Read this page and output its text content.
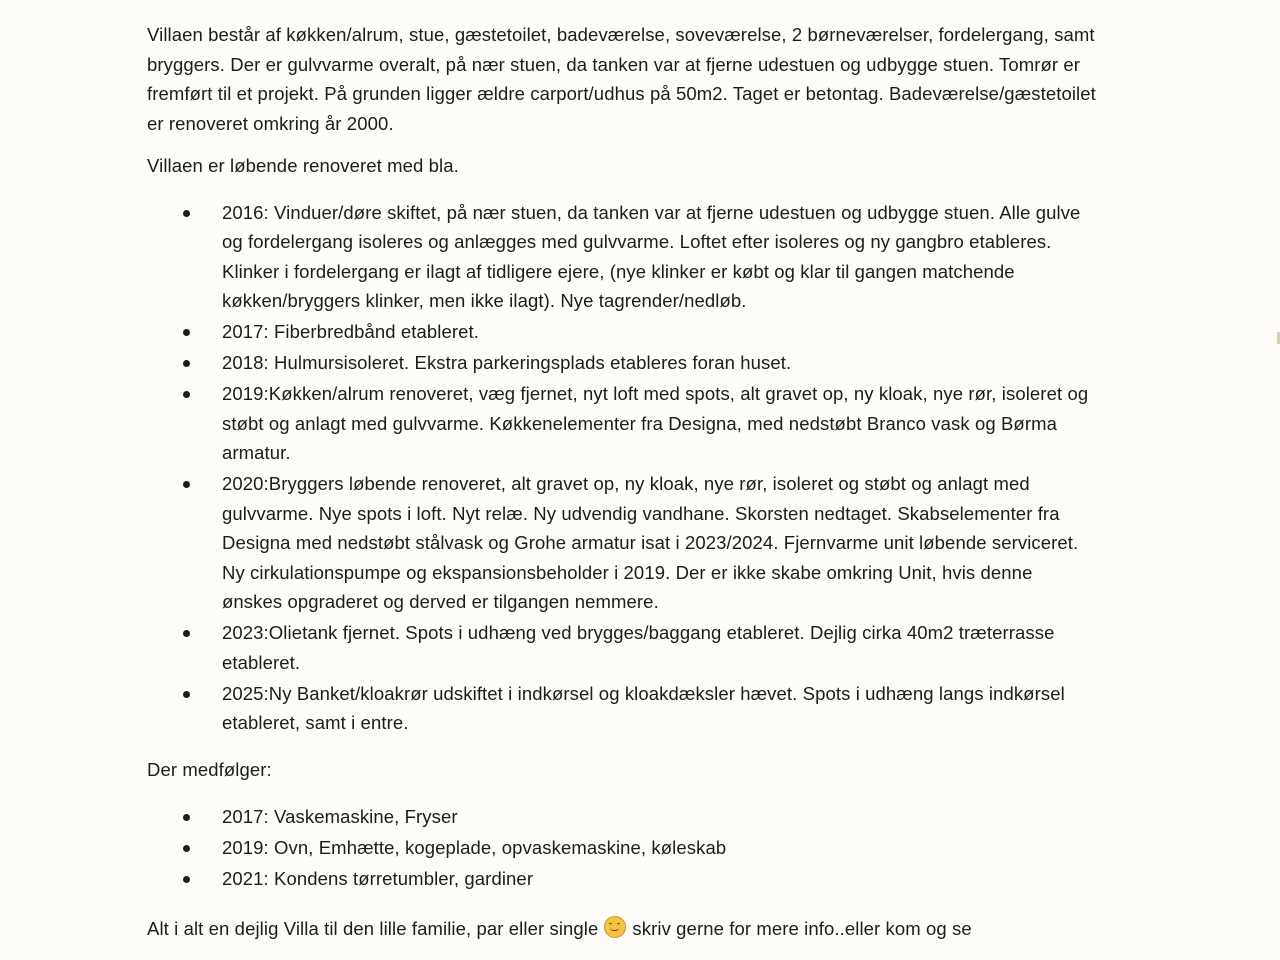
Villaen består af køkken/alrum, stue, gæstetoilet, badeværelse, soveværelse, 2 børneværelser, fordelergang, samt bryggers. Der er gulvvarme overalt, på nær stuen, da tanken var at fjerne udestuen og udbygge stuen. Tomrør er fremført til et projekt. På grunden ligger ældre carport/udhus på 50m2. Taget er betontag. Badeværelse/gæstetoilet er renoveret omkring år 2000.

Villaen er løbende renoveret med bla.

2016: Vinduer/døre skiftet, på nær stuen, da tanken var at fjerne udestuen og udbygge stuen. Alle gulve og fordelergang isoleres og anlægges med gulvvarme. Loftet efter isoleres og ny gangbro etableres. Klinker i fordelergang er ilagt af tidligere ejere, (nye klinker er købt og klar til gangen matchende køkken/bryggers klinker, men ikke ilagt). Nye tagrender/nedløb.
2017: Fiberbredbånd etableret.
2018: Hulmursisoleret. Ekstra parkeringsplads etableres foran huset.
2019:Køkken/alrum renoveret, væg fjernet, nyt loft med spots, alt gravet op, ny kloak, nye rør, isoleret og støbt og anlagt med gulvvarme. Køkkenelementer fra Designa, med nedstøbt Branco vask og Børma armatur.
2020:Bryggers løbende renoveret, alt gravet op, ny kloak, nye rør, isoleret og støbt og anlagt med gulvvarme. Nye spots i loft. Nyt relæ. Ny udvendig vandhane. Skorsten nedtaget. Skabselementer fra Designa med nedstøbt stålvask og Grohe armatur isat i 2023/2024. Fjernvarme unit løbende serviceret. Ny cirkulationspumpe og ekspansionsbeholder i 2019. Der er ikke skabe omkring Unit, hvis denne ønskes opgraderet og derved er tilgangen nemmere.
2023:Olietank fjernet. Spots i udhæng ved brygges/baggang etableret. Dejlig cirka 40m2 træterrasse etableret.
2025:Ny Banket/kloakrør udskiftet i indkørsel og kloakdæksler hævet. Spots i udhæng langs indkørsel etableret, samt i entre.

Der medfølger:

2017: Vaskemaskine, Fryser
2019: Ovn, Emhætte, kogeplade, opvaskemaskine, køleskab
2021: Kondens tørretumbler, gardiner

Alt i alt en dejlig Villa til den lille familie, par eller single skriv gerne for mere info..eller kom og se
